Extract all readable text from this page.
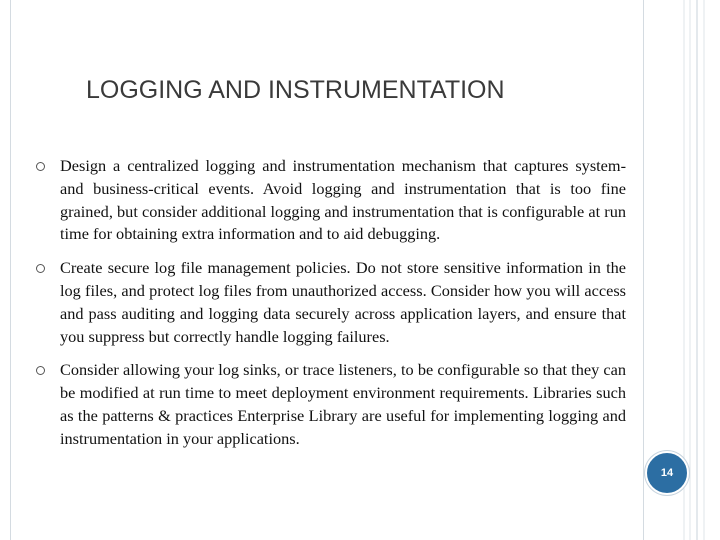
LOGGING AND INSTRUMENTATION
Design a centralized logging and instrumentation mechanism that captures system- and business-critical events. Avoid logging and instrumentation that is too fine grained, but consider additional logging and instrumentation that is configurable at run time for obtaining extra information and to aid debugging.
Create secure log file management policies. Do not store sensitive information in the log files, and protect log files from unauthorized access. Consider how you will access and pass auditing and logging data securely across application layers, and ensure that you suppress but correctly handle logging failures.
Consider allowing your log sinks, or trace listeners, to be configurable so that they can be modified at run time to meet deployment environment requirements. Libraries such as the patterns & practices Enterprise Library are useful for implementing logging and instrumentation in your applications.
14
